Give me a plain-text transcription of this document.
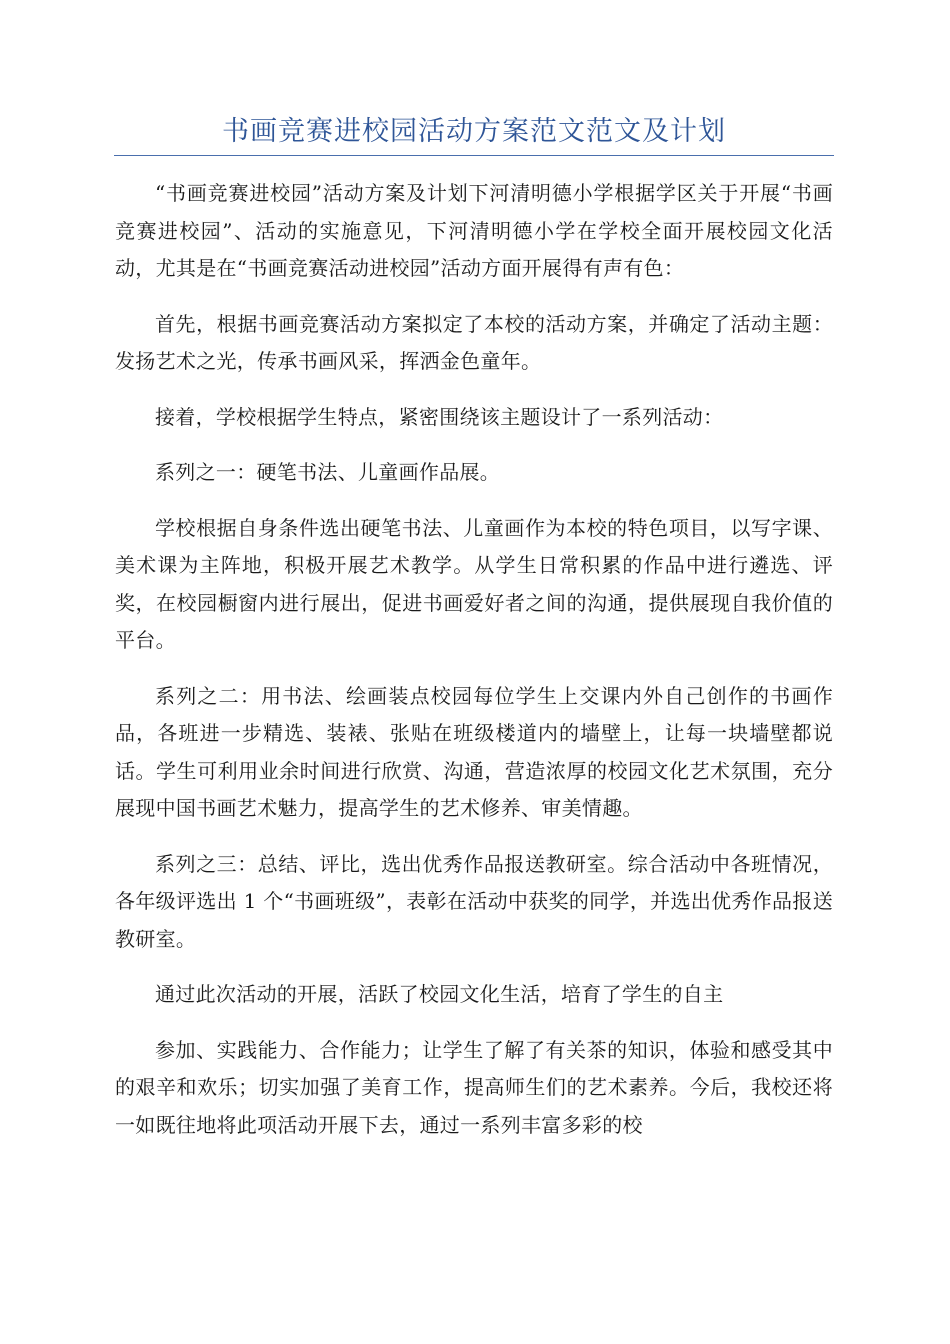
书画竞赛进校园活动方案范文范文及计划

“书画竞赛进校园”活动方案及计划下河清明德小学根据学区关于开展“书画竞赛进校园”、活动的实施意见，下河清明德小学在学校全面开展校园文化活动，尤其是在“书画竞赛活动进校园”活动方面开展得有声有色：

首先，根据书画竞赛活动方案拟定了本校的活动方案，并确定了活动主题：发扬艺术之光，传承书画风采，挥洒金色童年。

接着，学校根据学生特点，紧密围绕该主题设计了一系列活动：

系列之一：硬笔书法、儿童画作品展。

学校根据自身条件选出硬笔书法、儿童画作为本校的特色项目，以写字课、美术课为主阵地，积极开展艺术教学。从学生日常积累的作品中进行遴选、评奖，在校园橱窗内进行展出，促进书画爱好者之间的沟通，提供展现自我价值的平台。

系列之二：用书法、绘画装点校园每位学生上交课内外自己创作的书画作品，各班进一步精选、装裱、张贴在班级楼道内的墙壁上，让每一块墙壁都说话。学生可利用业余时间进行欣赏、沟通，营造浓厚的校园文化艺术氛围，充分展现中国书画艺术魅力，提高学生的艺术修养、审美情趣。

系列之三：总结、评比，选出优秀作品报送教研室。综合活动中各班情况，各年级评选出 1 个“书画班级”，表彰在活动中获奖的同学，并选出优秀作品报送教研室。

通过此次活动的开展，活跃了校园文化生活，培育了学生的自主

参加、实践能力、合作能力；让学生了解了有关茶的知识，体验和感受其中的艰辛和欢乐；切实加强了美育工作，提高师生们的艺术素养。今后，我校还将一如既往地将此项活动开展下去，通过一系列丰富多彩的校
